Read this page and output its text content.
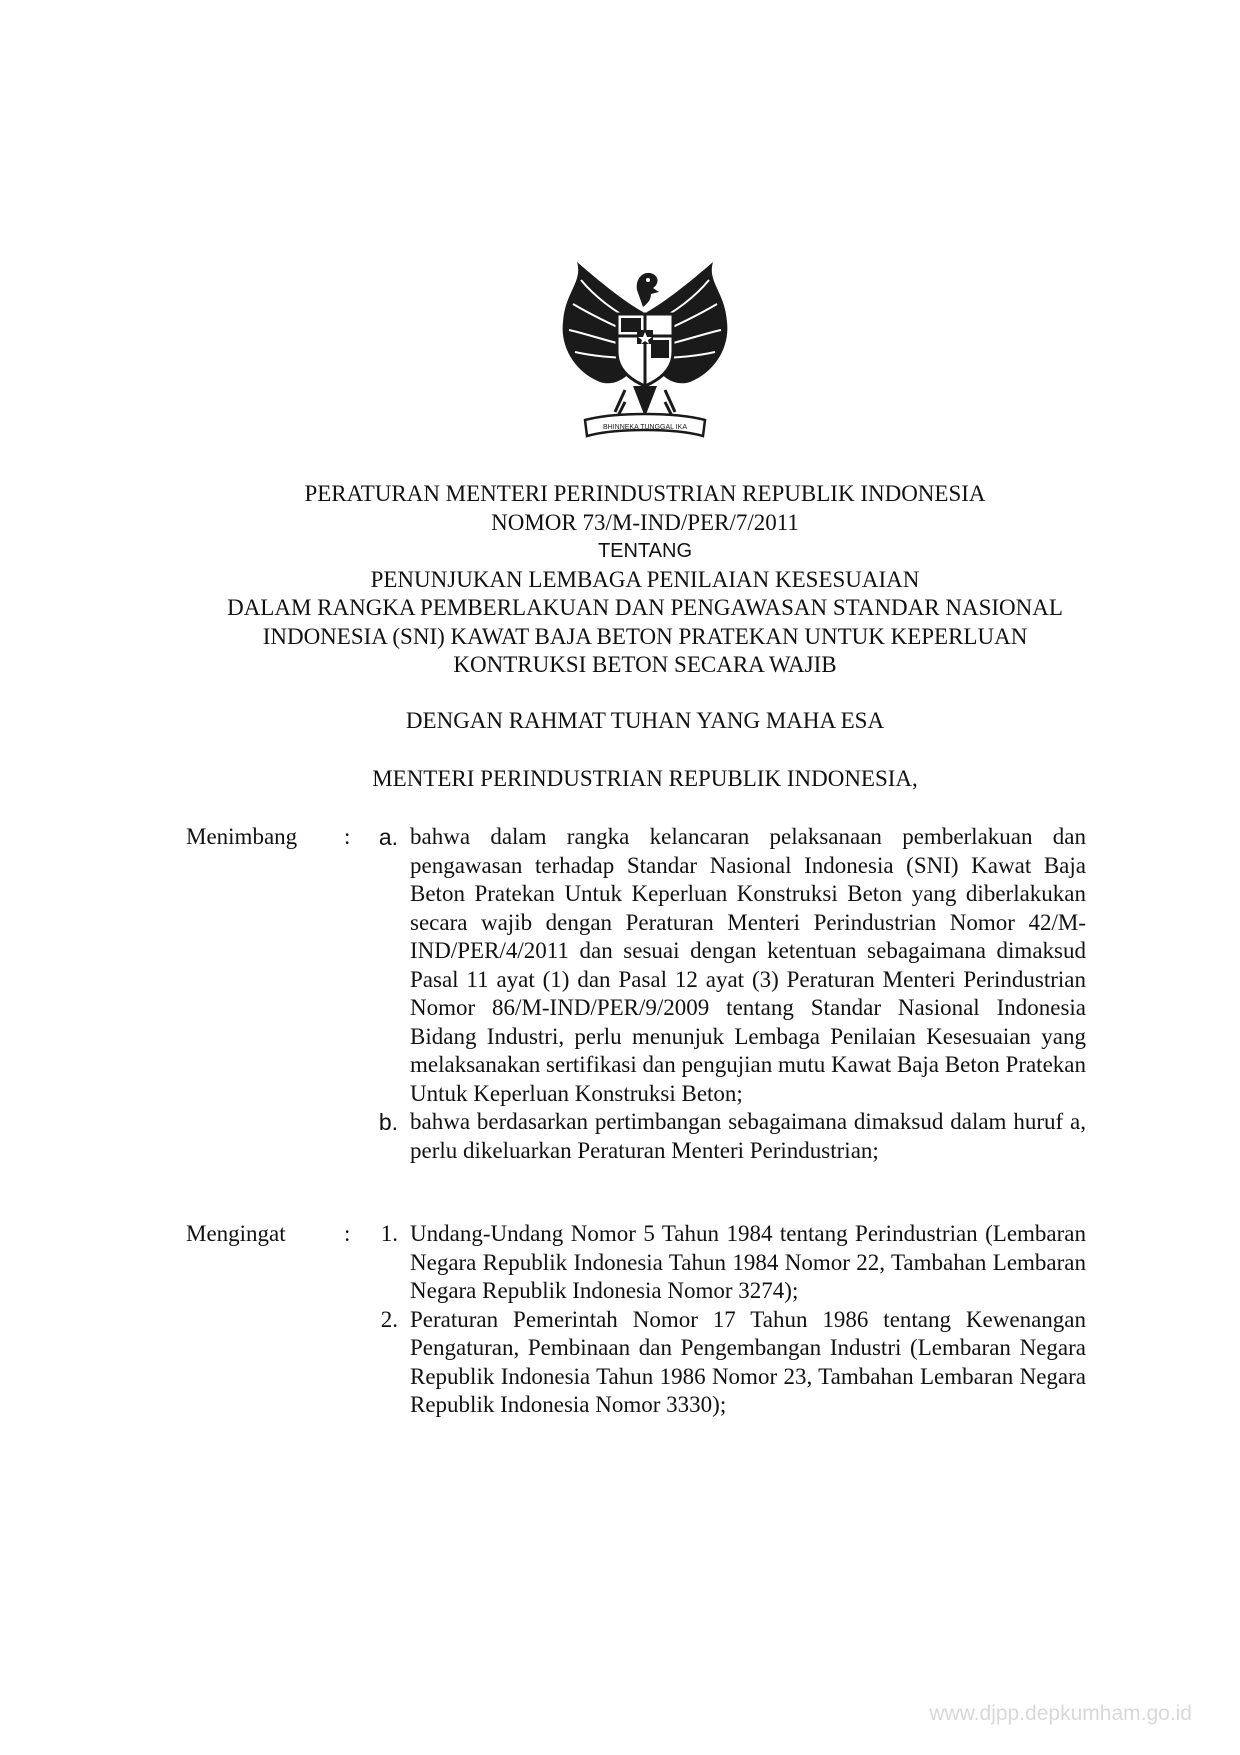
BHINNEKA TUNGGAL IKA
PERATURAN MENTERI PERINDUSTRIAN REPUBLIK INDONESIA
NOMOR 73/M-IND/PER/7/2011
TENTANG
PENUNJUKAN LEMBAGA PENILAIAN KESESUAIAN
DALAM RANGKA PEMBERLAKUAN DAN PENGAWASAN STANDAR NASIONAL
INDONESIA (SNI) KAWAT BAJA BETON PRATEKAN UNTUK KEPERLUAN
KONTRUKSI BETON SECARA WAJIB
DENGAN RAHMAT TUHAN YANG MAHA ESA
MENTERI PERINDUSTRIAN REPUBLIK INDONESIA,
Menimbang	:	a. bahwa dalam rangka kelancaran pelaksanaan pemberlakuan dan pengawasan terhadap Standar Nasional Indonesia (SNI) Kawat Baja Beton Pratekan Untuk Keperluan Konstruksi Beton yang diberlakukan secara wajib dengan Peraturan Menteri Perindustrian Nomor 42/M-IND/PER/4/2011 dan sesuai dengan ketentuan sebagaimana dimaksud Pasal 11 ayat (1) dan Pasal 12 ayat (3) Peraturan Menteri Perindustrian Nomor 86/M-IND/PER/9/2009 tentang Standar Nasional Indonesia Bidang Industri, perlu menunjuk Lembaga Penilaian Kesesuaian yang melaksanakan sertifikasi dan pengujian mutu Kawat Baja Beton Pratekan Untuk Keperluan Konstruksi Beton;
b. bahwa berdasarkan pertimbangan sebagaimana dimaksud dalam huruf a, perlu dikeluarkan Peraturan Menteri Perindustrian;
Mengingat	:	1. Undang-Undang Nomor 5 Tahun 1984 tentang Perindustrian (Lembaran Negara Republik Indonesia Tahun 1984 Nomor 22, Tambahan Lembaran Negara Republik Indonesia Nomor 3274);
2. Peraturan Pemerintah Nomor 17 Tahun 1986 tentang Kewenangan Pengaturan, Pembinaan dan Pengembangan Industri (Lembaran Negara Republik Indonesia Tahun 1986 Nomor 23, Tambahan Lembaran Negara Republik Indonesia Nomor 3330);
www.djpp.depkumham.go.id
